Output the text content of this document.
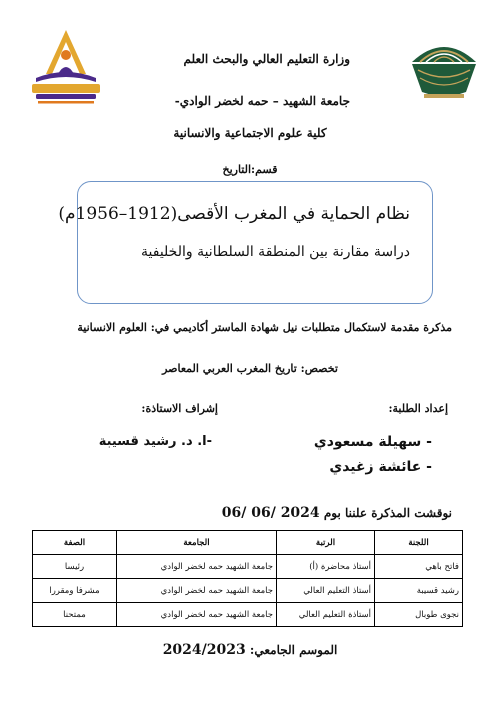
وزارة التعليم العالي والبحث العلم
جامعة الشهيد – حمه لخضر الوادي-
كلية علوم الاجتماعية والانسانية
قسم:التاريخ
نظام الحماية في المغرب الأقصى(1912–1956م)
دراسة مقارنة بين المنطقة السلطانية والخليفية
مذكرة مقدمة لاستكمال متطلبات نيل شهادة الماستر أكاديمي في: العلوم الانسانية
تخصص: تاريخ المغرب العربي المعاصر
إعداد الطلبة:
إشراف الاستاذة:
- سهيلة مسعودي
- عائشة زغيدي
-ا. د. رشيد قسيبة
نوقشت المذكرة علننا بوم 2024 /06 /06
اللجنة	الرتبة	الجامعة	الصفة
فاتح باهي	أستاذ محاضرة (أ)	جامعة الشهيد حمه لخضر الوادي	رئيسا
رشيد قسيبة	أستاذ التعليم العالي	جامعة الشهيد حمه لخضر الوادي	مشرفا ومقررا
نجوى طوبال	أستاذة التعليم العالي	جامعة الشهيد حمه لخضر الوادي	ممتحنا
الموسم الجامعي: 2024/2023
